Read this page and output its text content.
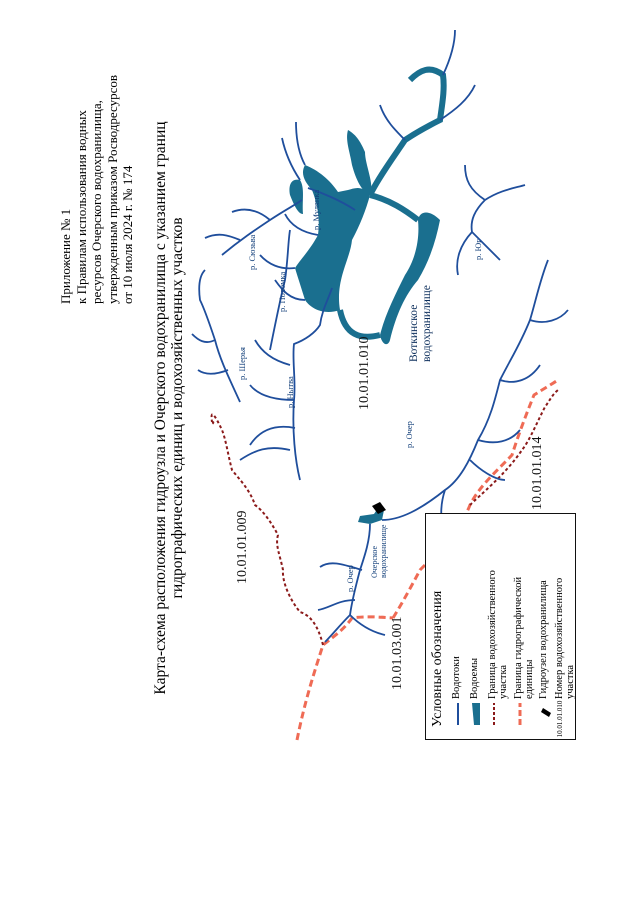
Приложение № 1 к Правилам использования водных ресурсов Очерского водохранилища, утвержденным приказом Росводресурсов от 10 июля 2024 г. № 174 Карта-схема расположения гидроузла и Очерского водохранилища с указанием границ гидрографических единиц и водохозяйственных участков	10.01.01.009
10.01.01.010
10.01.01.014
10.01.03.001
р. Мулянка
р. Сюзьва
р. Поломка
р. Шерья
р. Нытва
р. Очер
р. Очер
р. Юг
Воткинское водохранилище
Очерское водохранилище
Условные обозначения Водотоки Водоемы Граница водохозяйственного участка Граница гидрографической единицы Гидроузел водохранилища
10.01.01.010
Номер водохозяйственного участка
